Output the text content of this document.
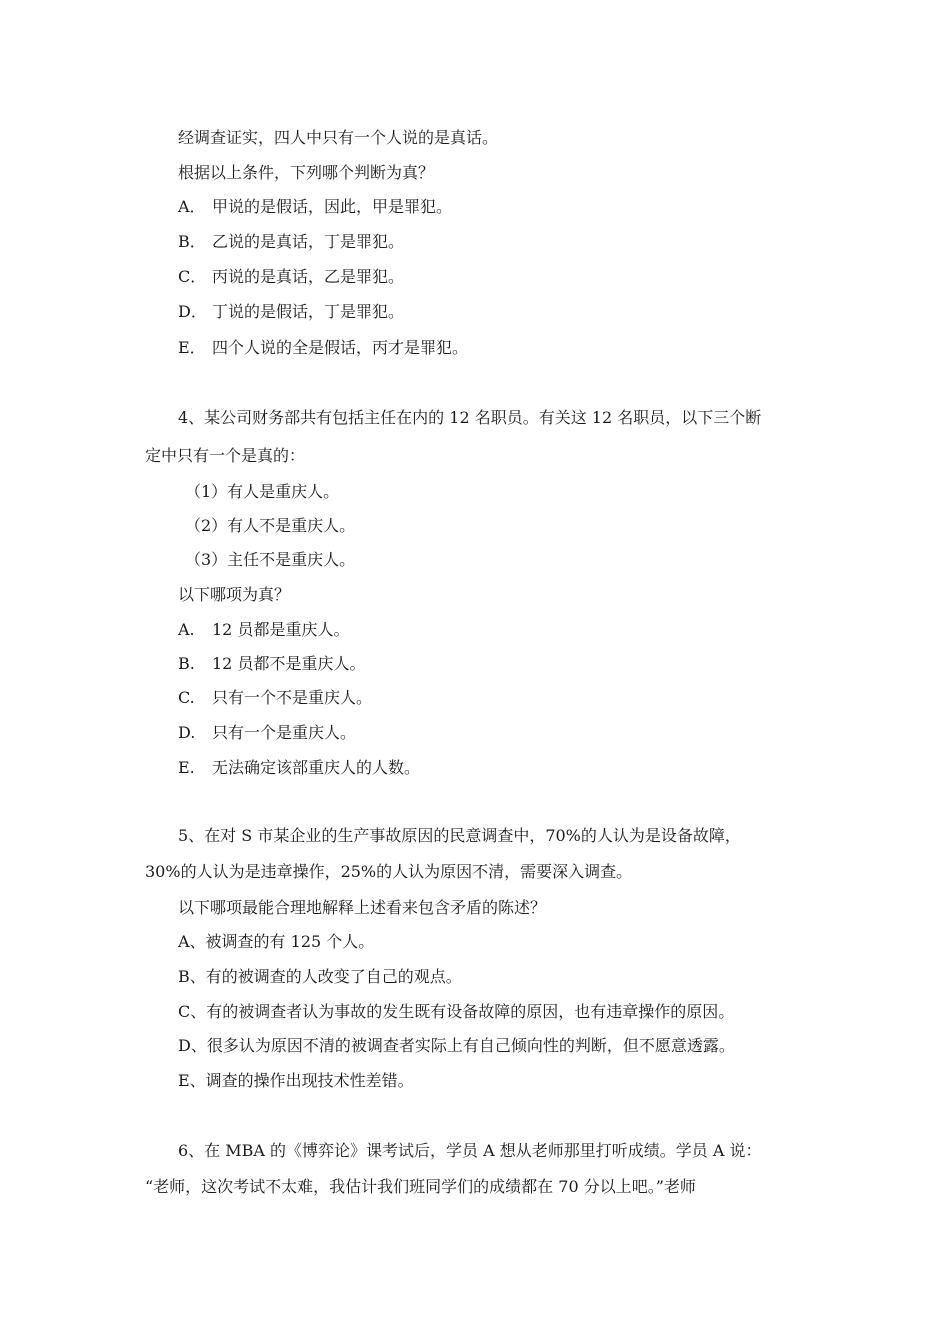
经调查证实，四人中只有一个人说的是真话。
根据以上条件，下列哪个判断为真？
A． 甲说的是假话，因此，甲是罪犯。
B． 乙说的是真话，丁是罪犯。
C． 丙说的是真话，乙是罪犯。
D． 丁说的是假话，丁是罪犯。
E． 四个人说的全是假话，丙才是罪犯。
4、某公司财务部共有包括主任在内的 12 名职员。有关这 12 名职员，以下三个断
定中只有一个是真的：
（1）有人是重庆人。
（2）有人不是重庆人。
（3）主任不是重庆人。
以下哪项为真？
A. 12 员都是重庆人。
B. 12 员都不是重庆人。
C. 只有一个不是重庆人。
D. 只有一个是重庆人。
E. 无法确定该部重庆人的人数。
5、在对 S 市某企业的生产事故原因的民意调查中，70%的人认为是设备故障，
30%的人认为是违章操作，25%的人认为原因不清，需要深入调查。
以下哪项最能合理地解释上述看来包含矛盾的陈述？
A、被调查的有 125 个人。
B、有的被调查的人改变了自己的观点。
C、有的被调查者认为事故的发生既有设备故障的原因，也有违章操作的原因。
D、很多认为原因不清的被调查者实际上有自己倾向性的判断，但不愿意透露。
E、调查的操作出现技术性差错。
6、在 MBA 的《博弈论》课考试后，学员 A 想从老师那里打听成绩。学员 A 说：
“老师，这次考试不太难，我估计我们班同学们的成绩都在 70 分以上吧。”老师
